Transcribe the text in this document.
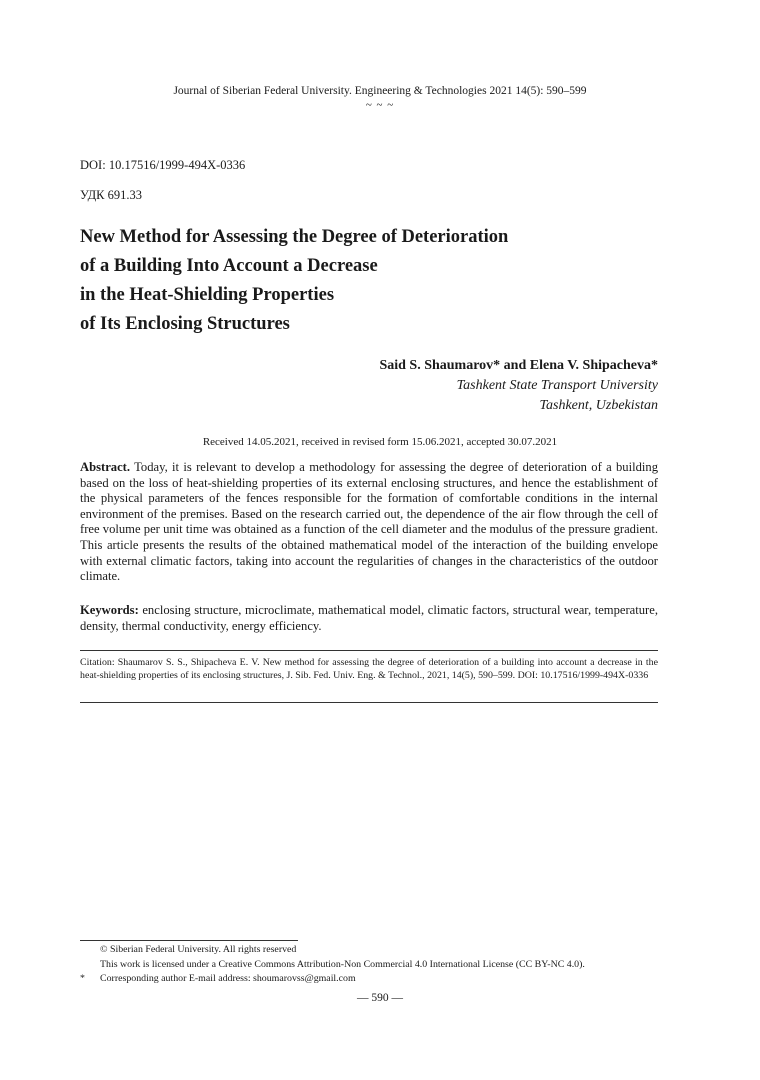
Journal of Siberian Federal University. Engineering & Technologies 2021 14(5): 590–599
~ ~ ~
DOI: 10.17516/1999-494X-0336
УДК 691.33
New Method for Assessing the Degree of Deterioration
of a Building Into Account a Decrease
in the Heat-Shielding Properties
of Its Enclosing Structures
Said S. Shaumarov* and Elena V. Shipacheva*
Tashkent State Transport University
Tashkent, Uzbekistan
Received 14.05.2021, received in revised form 15.06.2021, accepted 30.07.2021
Abstract. Today, it is relevant to develop a methodology for assessing the degree of deterioration of a building based on the loss of heat-shielding properties of its external enclosing structures, and hence the establishment of the physical parameters of the fences responsible for the formation of comfortable conditions in the internal environment of the premises. Based on the research carried out, the dependence of the air flow through the cell of free volume per unit time was obtained as a function of the cell diameter and the modulus of the pressure gradient. This article presents the results of the obtained mathematical model of the interaction of the building envelope with external climatic factors, taking into account the regularities of changes in the characteristics of the outdoor climate.
Keywords: enclosing structure, microclimate, mathematical model, climatic factors, structural wear, temperature, density, thermal conductivity, energy efficiency.
Citation: Shaumarov S. S., Shipacheva E. V. New method for assessing the degree of deterioration of a building into account a decrease in the heat-shielding properties of its enclosing structures, J. Sib. Fed. Univ. Eng. & Technol., 2021, 14(5), 590–599. DOI: 10.17516/1999-494X-0336
© Siberian Federal University. All rights reserved
This work is licensed under a Creative Commons Attribution-Non Commercial 4.0 International License (CC BY-NC 4.0).
*	Corresponding author E-mail address: shoumarovss@gmail.com
— 590 —
